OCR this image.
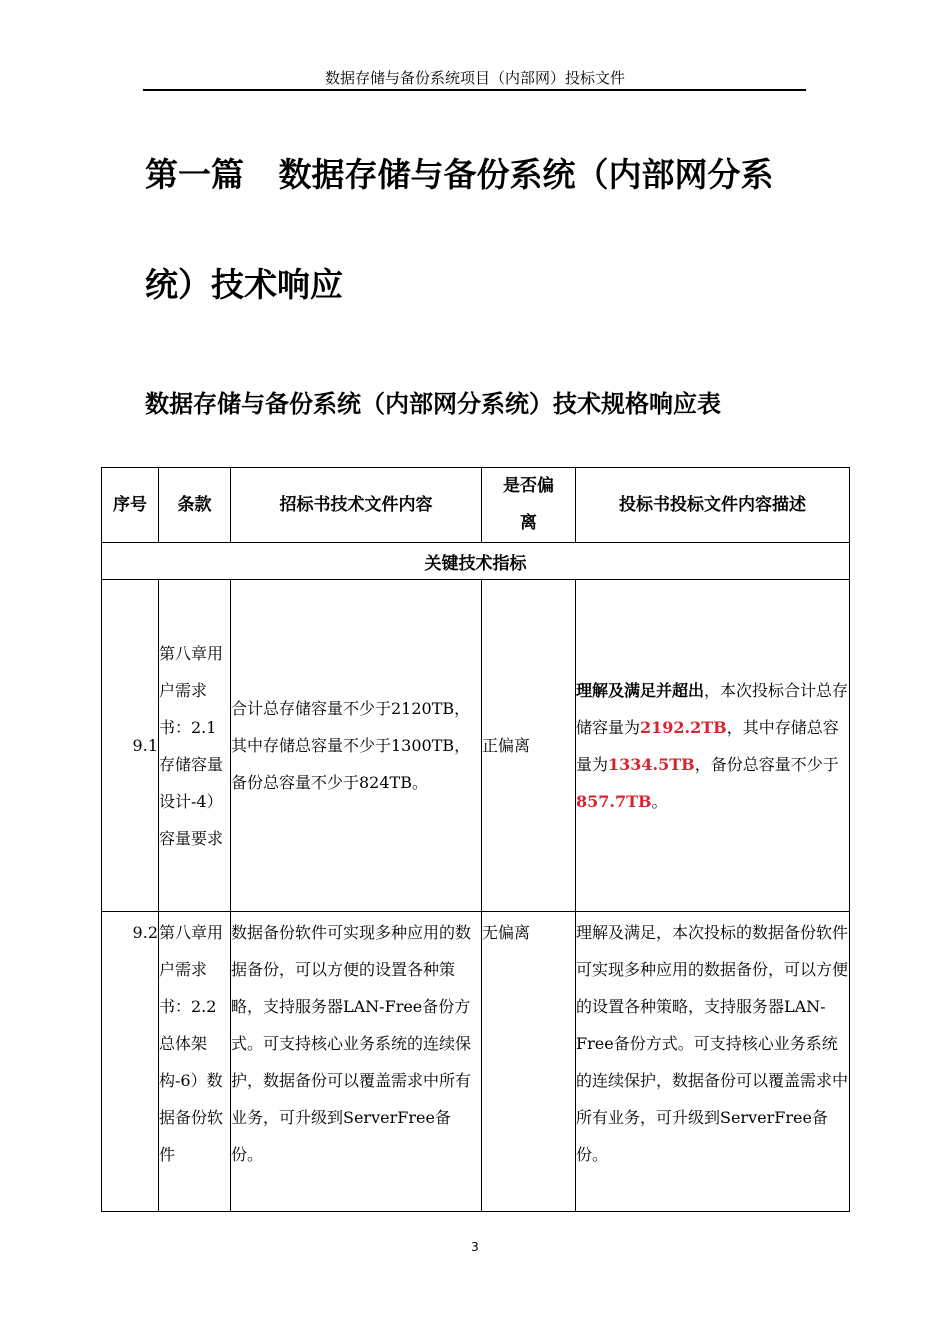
数据存储与备份系统项目（内部网）投标文件
第一篇   数据存储与备份系统（内部网分系
统）技术响应
数据存储与备份系统（内部网分系统）技术规格响应表
序号	条款	招标书技术文件内容	是否偏离	投标书投标文件内容描述
关键技术指标				
9.1	第八章用户需求书：2.1存储容量设计-4）容量要求	合计总存储容量不少于2120TB，其中存储总容量不少于1300TB，备份总容量不少于824TB。	正偏离	理解及满足并超出，本次投标合计总存储容量为2192.2TB，其中存储总容量为1334.5TB，备份总容量不少于857.7TB。
9.2	第八章用户需求书：2.2总体架构-6）数据备份软件	数据备份软件可实现多种应用的数据备份，可以方便的设置各种策略，支持服务器LAN-Free备份方式。可支持核心业务系统的连续保护，数据备份可以覆盖需求中所有业务，可升级到ServerFree备份。	无偏离	理解及满足，本次投标的数据备份软件可实现多种应用的数据备份，可以方便的设置各种策略，支持服务器LAN-Free备份方式。可支持核心业务系统的连续保护，数据备份可以覆盖需求中所有业务，可升级到ServerFree备份。
3
